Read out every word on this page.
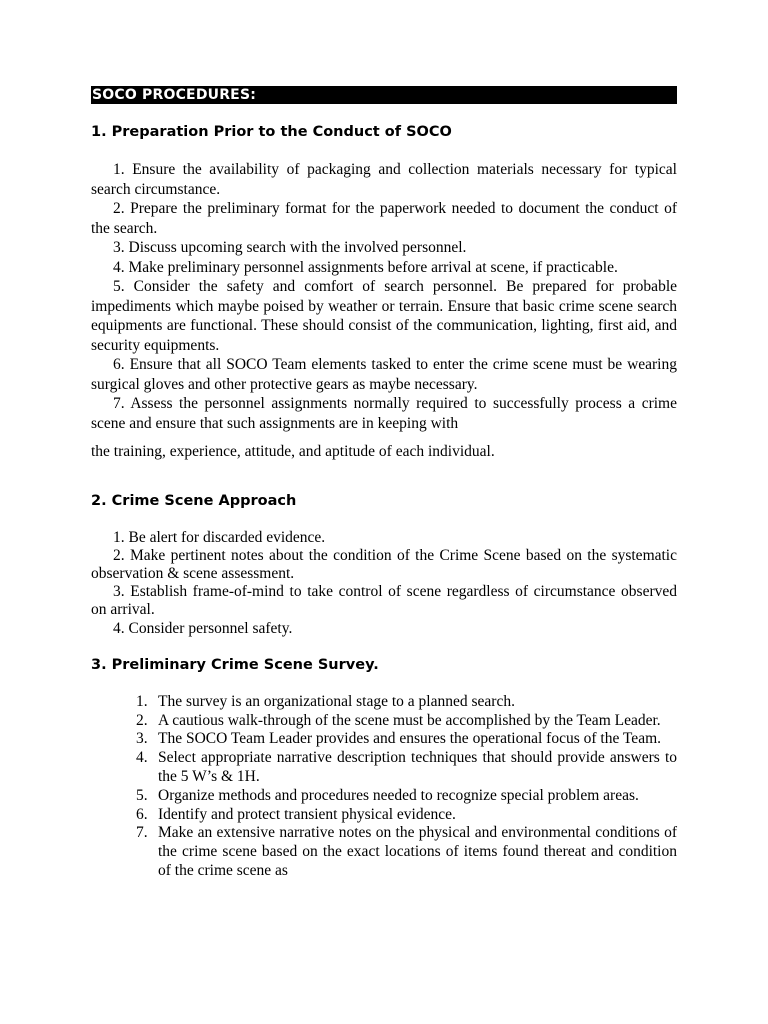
SOCO PROCEDURES:
1. Preparation Prior to the Conduct of SOCO
1. Ensure the availability of packaging and collection materials necessary for typical search circumstance.
2. Prepare the preliminary format for the paperwork needed to document the conduct of the search.
3. Discuss upcoming search with the involved personnel.
4. Make preliminary personnel assignments before arrival at scene, if practicable.
5. Consider the safety and comfort of search personnel. Be prepared for probable impediments which maybe poised by weather or terrain. Ensure that basic crime scene search equipments are functional. These should consist of the communication, lighting, first aid, and security equipments.
6. Ensure that all SOCO Team elements tasked to enter the crime scene must be wearing surgical gloves and other protective gears as maybe necessary.
7. Assess the personnel assignments normally required to successfully process a crime scene and ensure that such assignments are in keeping with
the training, experience, attitude, and aptitude of each individual.
2. Crime Scene Approach
1. Be alert for discarded evidence.
2. Make pertinent notes about the condition of the Crime Scene based on the systematic observation & scene assessment.
3. Establish frame-of-mind to take control of scene regardless of circumstance observed on arrival.
4. Consider personnel safety.
3. Preliminary Crime Scene Survey.
1. The survey is an organizational stage to a planned search.
2. A cautious walk-through of the scene must be accomplished by the Team Leader.
3. The SOCO Team Leader provides and ensures the operational focus of the Team.
4. Select appropriate narrative description techniques that should provide answers to the 5 W’s & 1H.
5. Organize methods and procedures needed to recognize special problem areas.
6. Identify and protect transient physical evidence.
7. Make an extensive narrative notes on the physical and environmental conditions of the crime scene based on the exact locations of items found thereat and condition of the crime scene as
